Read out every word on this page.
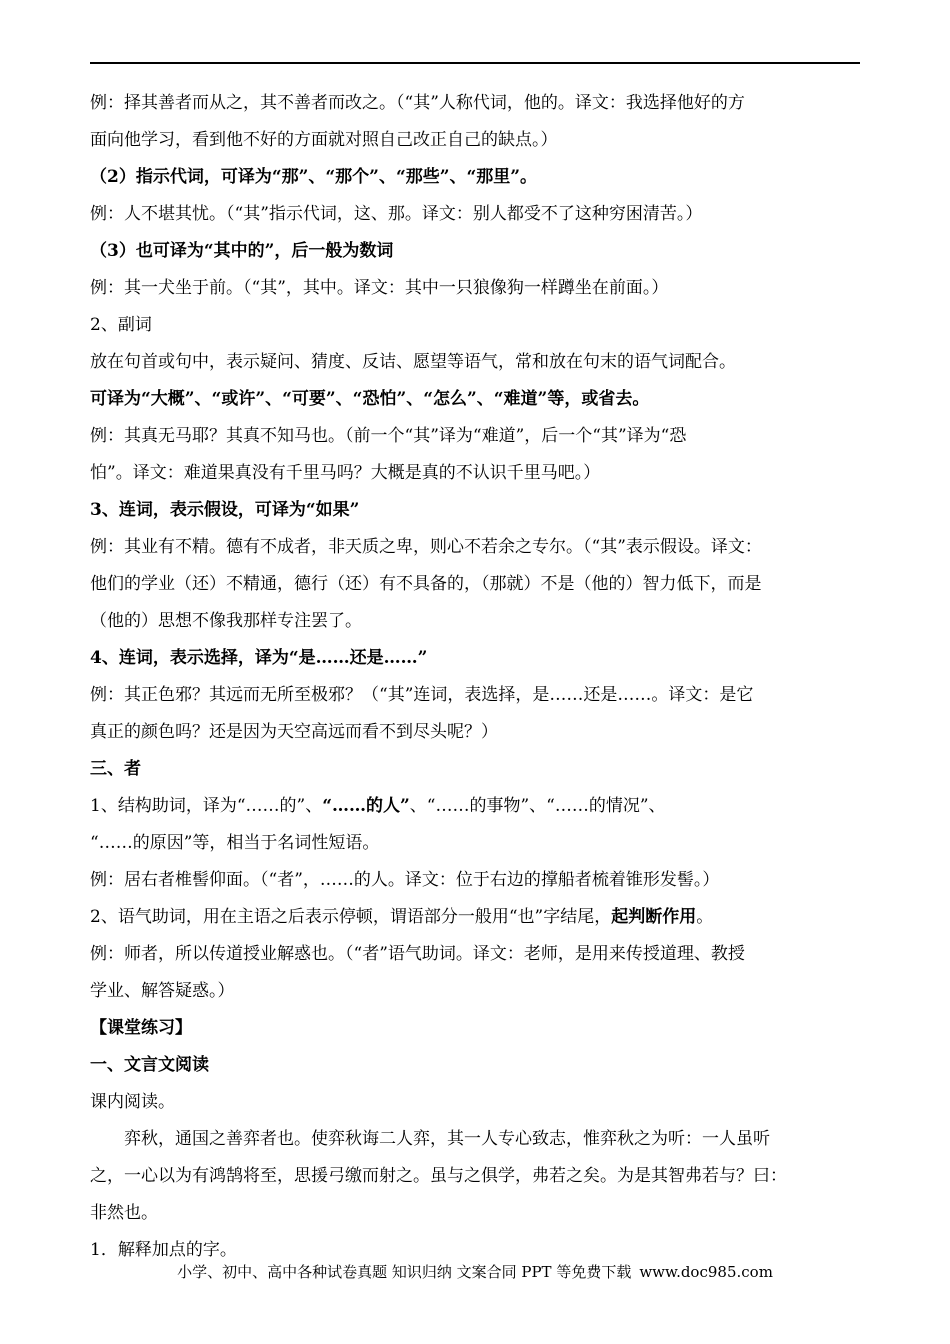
例：择其善者而从之，其不善者而改之。（“其”人称代词，他的。译文：我选择他好的方
面向他学习，看到他不好的方面就对照自己改正自己的缺点。）
（2）指示代词，可译为“那”、“那个”、“那些”、“那里”。
例：人不堪其忧。（“其”指示代词，这、那。译文：别人都受不了这种穷困清苦。）
（3）也可译为“其中的”，后一般为数词
例：其一犬坐于前。（“其”，其中。译文：其中一只狼像狗一样蹲坐在前面。）
2、副词
放在句首或句中，表示疑问、猜度、反诘、愿望等语气，常和放在句末的语气词配合。
可译为“大概”、“或许”、“可要”、“恐怕”、“怎么”、“难道”等，或省去。
例：其真无马耶？其真不知马也。（前一个“其”译为“难道”，后一个“其”译为“恐
怕”。译文：难道果真没有千里马吗？大概是真的不认识千里马吧。）
3、连词，表示假设，可译为“如果”
例：其业有不精。德有不成者，非天质之卑，则心不若余之专尔。（“其”表示假设。译文：
他们的学业（还）不精通，德行（还）有不具备的，（那就）不是（他的）智力低下，而是
（他的）思想不像我那样专注罢了。
4、连词，表示选择，译为“是……还是……”
例：其正色邪？其远而无所至极邪？（“其”连词，表选择，是……还是……。译文：是它
真正的颜色吗？还是因为天空高远而看不到尽头呢？）
三、者
1、结构助词，译为“……的”、“……的人”、“……的事物”、“……的情况”、
“……的原因”等，相当于名词性短语。
例：居右者椎髻仰面。（“者”，……的人。译文：位于右边的撑船者梳着锥形发髻。）
2、语气助词，用在主语之后表示停顿，谓语部分一般用“也”字结尾，起判断作用。
例：师者，所以传道授业解惑也。（“者”语气助词。译文：老师，是用来传授道理、教授
学业、解答疑惑。）
【课堂练习】
一、文言文阅读
课内阅读。
弈秋，通国之善弈者也。使弈秋诲二人弈，其一人专心致志，惟弈秋之为听：一人虽听
之，一心以为有鸿鹄将至，思援弓缴而射之。虽与之俱学，弗若之矣。为是其智弗若与？曰：
非然也。
1．解释加点的字。
小学、初中、高中各种试卷真题 知识归纳 文案合同 PPT 等免费下载 www.doc985.com
